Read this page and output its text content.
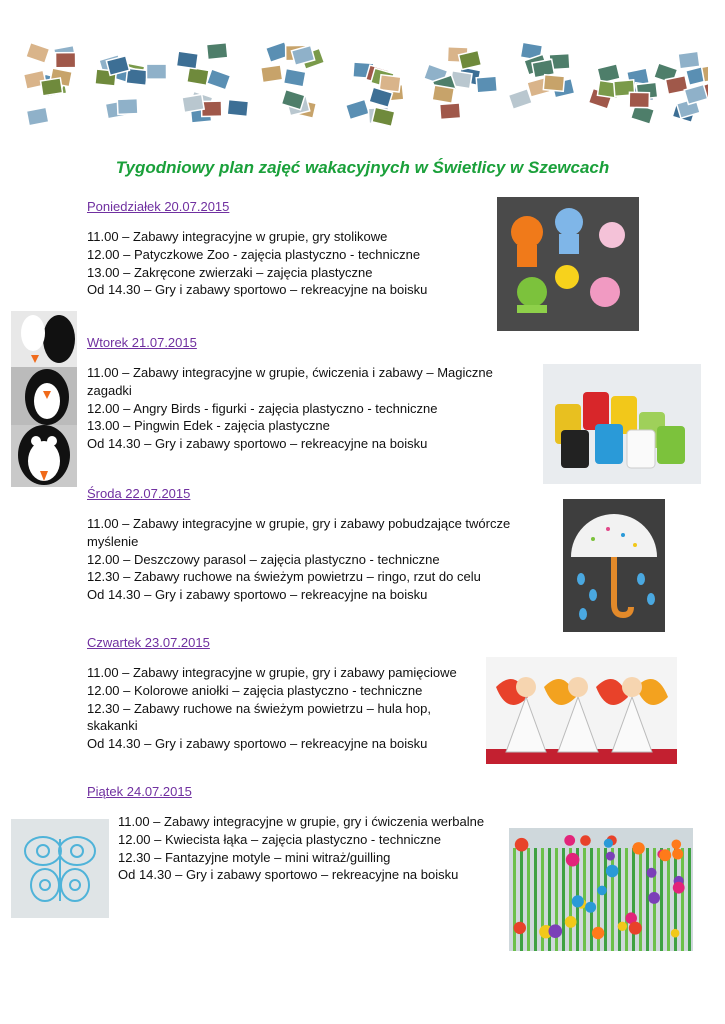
Tygodniowy plan zajęć wakacyjnych w Świetlicy w Szewcach
Poniedziałek 20.07.2015
11.00 – Zabawy integracyjne w grupie, gry stolikowe
12.00 – Patyczkowe Zoo - zajęcia plastyczno - techniczne
13.00 – Zakręcone zwierzaki – zajęcia plastyczne
Od 14.30 – Gry i zabawy sportowo – rekreacyjne na boisku
Wtorek 21.07.2015
11.00 – Zabawy integracyjne w grupie, ćwiczenia i zabawy – Magiczne
zagadki
12.00 – Angry Birds - figurki - zajęcia plastyczno - techniczne
13.00 – Pingwin Edek - zajęcia plastyczne
Od 14.30 – Gry i zabawy sportowo – rekreacyjne na boisku
Środa 22.07.2015
11.00 – Zabawy integracyjne w grupie, gry i zabawy pobudzające twórcze
myślenie
12.00 – Deszczowy parasol – zajęcia plastyczno - techniczne
12.30 – Zabawy ruchowe na świeżym powietrzu – ringo, rzut do celu
Od 14.30 – Gry i zabawy sportowo – rekreacyjne na boisku
Czwartek 23.07.2015
11.00 – Zabawy integracyjne w grupie, gry i zabawy pamięciowe
12.00 – Kolorowe aniołki – zajęcia plastyczno - techniczne
12.30 – Zabawy ruchowe na świeżym powietrzu – hula hop,
skakanki
Od 14.30 – Gry i zabawy sportowo – rekreacyjne na boisku
Piątek 24.07.2015
11.00 – Zabawy integracyjne w grupie, gry i ćwiczenia werbalne
12.00 – Kwiecista łąka – zajęcia plastyczno - techniczne
12.30 – Fantazyjne motyle – mini witraż/guilling
Od 14.30 – Gry i zabawy sportowo – rekreacyjne na boisku
